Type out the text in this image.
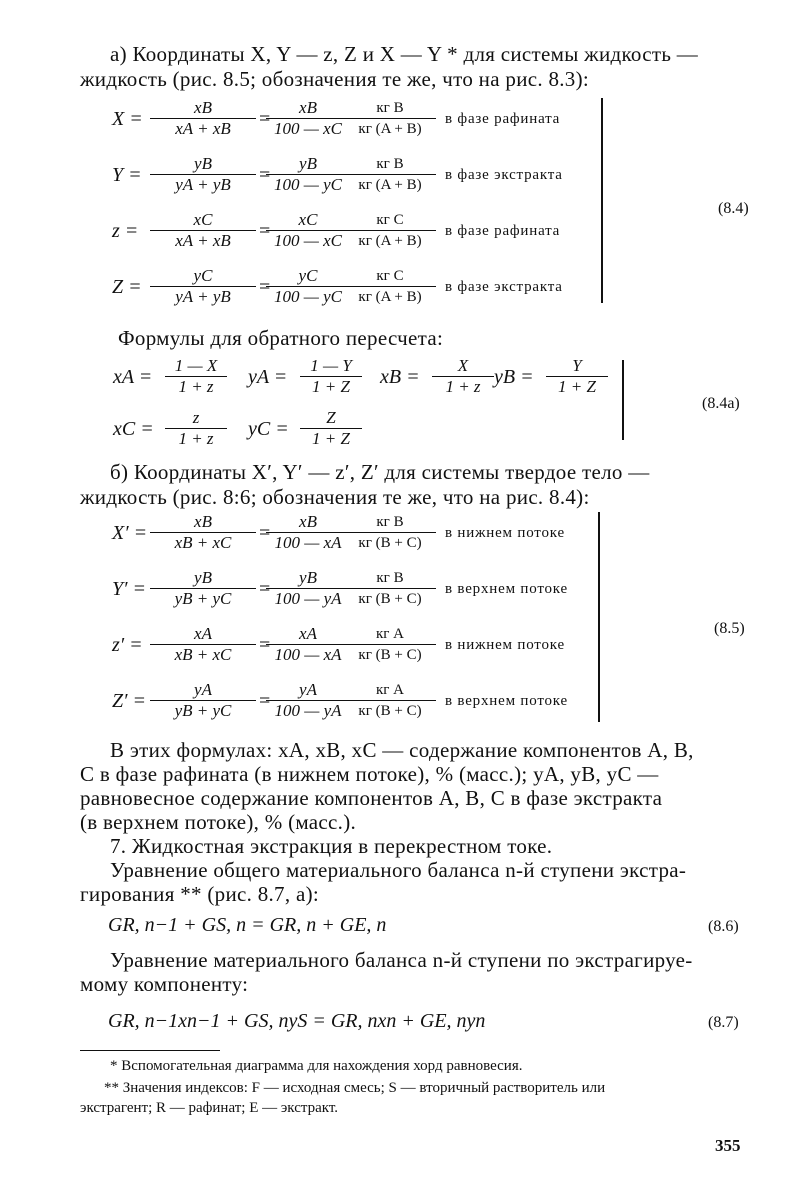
а) Координаты X, Y — z, Z и X — Y * для системы жидкость —
жидкость (рис. 8.5; обозначения те же, что на рис. 8.3):
$X = \frac{xB}{xA + xB}$ =
$\frac{xB}{100 — xC}$	кг B
кг (A + B)
в фазе рафината
$Y = \frac{yB}{yA + yB}$ =
$\frac{yB}{100 — yC}$	кг B
кг (A + B)
в фазе экстракта
$z = \frac{xC}{xA + xB}$ =
$\frac{xC}{100 — xC}$	кг C
кг (A + B)
в фазе рафината
$Z = \frac{yC}{yA + yB}$ =
$\frac{yC}{100 — yC}$	кг C
кг (A + B)
в фазе экстракта
(8.4)
Формулы для обратного пересчета:
xA = $\frac{1 — X}{1 + z}$ yA = $\frac{1 — Y}{1 + Z}$ xB = $\frac{X}{1 + z}$ yB = $\frac{Y}{1 + Z}$
xC = $\frac{z}{1 + z}$ yC = $\frac{Z}{1 + Z}$
(8.4a)
б) Координаты X′, Y′ — z′, Z′ для системы твердое тело —
жидкость (рис. 8:6; обозначения те же, что на рис. 8.4):
$X' = \frac{xB}{xB + xC}$ =
$\frac{xB}{100 — xA}$	кг B
кг (B + C)
в нижнем потоке
$Y' = \frac{yB}{yB + yC}$ =
$\frac{yB}{100 — yA}$	кг B
кг (B + C)
в верхнем потоке
$z' = \frac{xA}{xB + xC}$ =
$\frac{xA}{100 — xA}$	кг A
кг (B + C)
в нижнем потоке
$Z' = \frac{yA}{yB + yC}$ =
$\frac{yA}{100 — yA}$	кг A
кг (B + C)
в верхнем потоке
(8.5)
В этих формулах: xA, xB, xC — содержание компонентов A, B,
C в фазе рафината (в нижнем потоке), % (масс.); yA, yB, yC —
равновесное содержание компонентов A, B, C в фазе экстракта
(в верхнем потоке), % (масс.).
7. Жидкостная экстракция в перекрестном токе.
Уравнение общего материального баланса n-й ступени экстра-
гирования ** (рис. 8.7, a):
GR, n−1 + GS, n = GR, n + GE, n	(8.6)
Уравнение материального баланса n-й ступени по экстрагируе-
мому компоненту:
GR, n−1xn−1 + GS, nyS = GR, nxn + GE, nyn	(8.7)
* Вспомогательная диаграмма для нахождения хорд равновесия.
** Значения индексов: F — исходная смесь; S — вторичный растворитель или
экстрагент; R — рафинат; E — экстракт.
355
